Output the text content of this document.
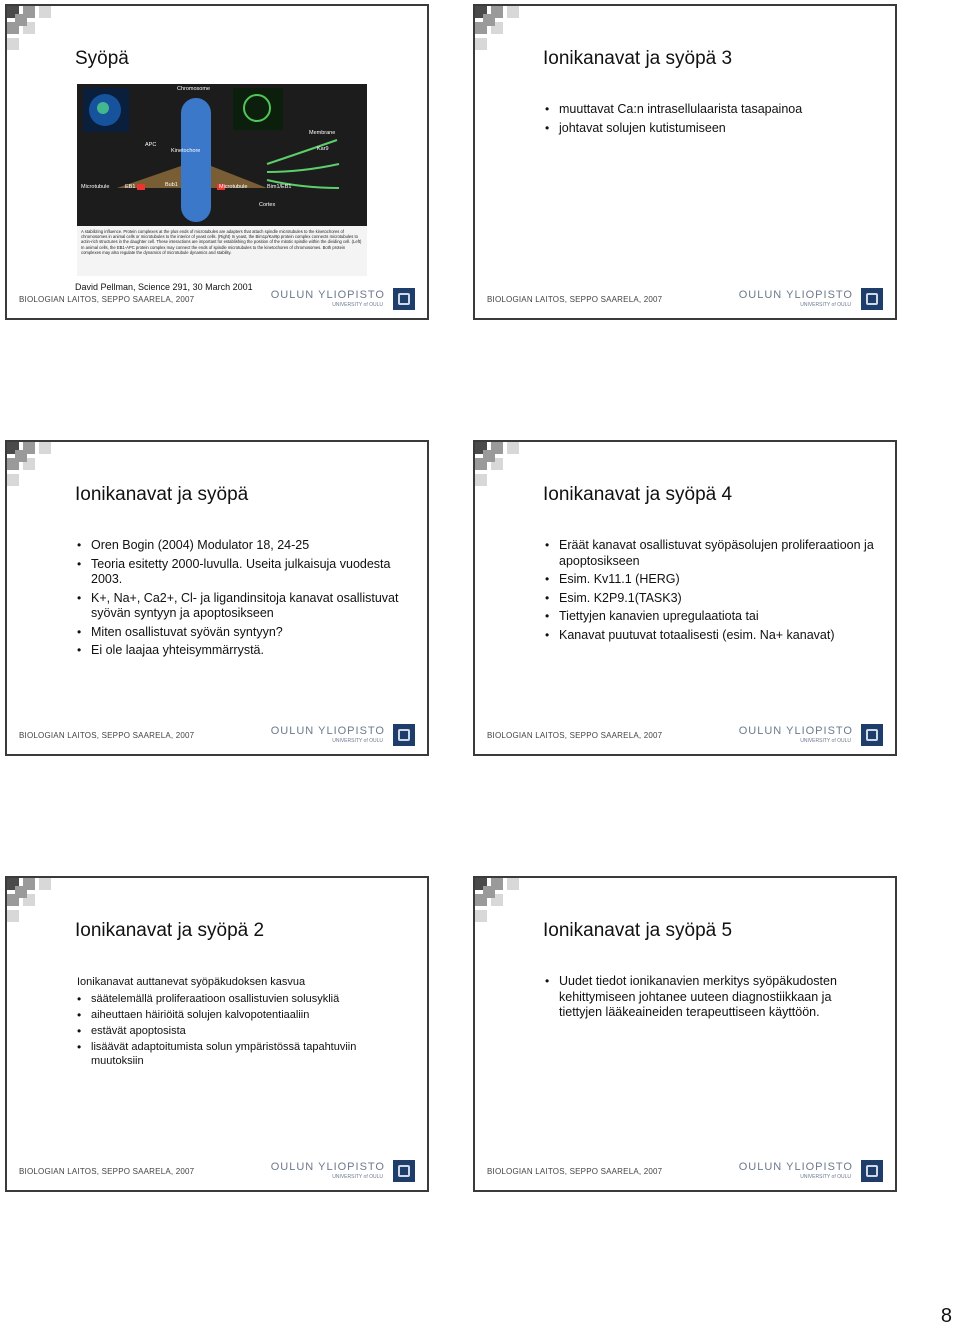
Syöpä
Chromosome
Membrane
APC
Kinetochore	Kar9
Microtubule	EB1	Bub1	Microtubule	Bim1/EB1
Cortex
A stabilizing influence. Protein complexes at the plus ends of microtubules are adapters that attach spindle microtubules to the kinetochores of chromosomes in animal cells or microtubules to the interior of yeast cells. (Right) In yeast, the Bim1p/Kar9p protein complex connects microtubules to actin-rich structures in the daughter cell. These interactions are important for establishing the position of the mitotic spindle within the dividing cell. (Left) In animal cells, the EB1-APC protein complex may connect the ends of spindle microtubules to the kinetochores of chromosomes. Both protein complexes may also regulate the dynamics of microtubule dynamics and stability.
David Pellman, Science 291, 30 March 2001
BIOLOGIAN LAITOS, SEPPO SAARELA, 2007	OULUN YLIOPISTO
UNIVERSITY of OULU
Ionikanavat ja syöpä 3
• muuttavat Ca:n intrasellulaarista tasapainoa
• johtavat solujen kutistumiseen
BIOLOGIAN LAITOS, SEPPO SAARELA, 2007	OULUN YLIOPISTO
UNIVERSITY of OULU
Ionikanavat ja syöpä
• Oren Bogin (2004) Modulator 18, 24-25
• Teoria esitetty 2000-luvulla. Useita julkaisuja vuodesta 2003.
• K+, Na+, Ca2+, Cl- ja ligandinsitoja kanavat osallistuvat syövän syntyyn ja apoptosikseen
• Miten osallistuvat syövän syntyyn?
• Ei ole laajaa yhteisymmärrystä.
BIOLOGIAN LAITOS, SEPPO SAARELA, 2007	OULUN YLIOPISTO
UNIVERSITY of OULU
Ionikanavat ja syöpä 4
• Eräät kanavat osallistuvat syöpäsolujen proliferaatioon ja apoptosikseen
• Esim. Kv11.1 (HERG)
• Esim. K2P9.1(TASK3)
• Tiettyjen kanavien upregulaatiota tai
• Kanavat puutuvat totaalisesti (esim. Na+ kanavat)
BIOLOGIAN LAITOS, SEPPO SAARELA, 2007	OULUN YLIOPISTO
UNIVERSITY of OULU
Ionikanavat ja syöpä 2
Ionikanavat auttanevat syöpäkudoksen kasvua
• säätelemällä proliferaatioon osallistuvien solusykliä
• aiheuttaen häiriöitä solujen kalvopotentiaaliin
• estävät apoptosista
• lisäävät adaptoitumista solun ympäristössä tapahtuviin muutoksiin
BIOLOGIAN LAITOS, SEPPO SAARELA, 2007	OULUN YLIOPISTO
UNIVERSITY of OULU
Ionikanavat ja syöpä 5
• Uudet tiedot ionikanavien merkitys syöpäkudosten kehittymiseen johtanee uuteen diagnostiikkaan ja tiettyjen lääkeaineiden terapeuttiseen käyttöön.
BIOLOGIAN LAITOS, SEPPO SAARELA, 2007	OULUN YLIOPISTO
UNIVERSITY of OULU
8
